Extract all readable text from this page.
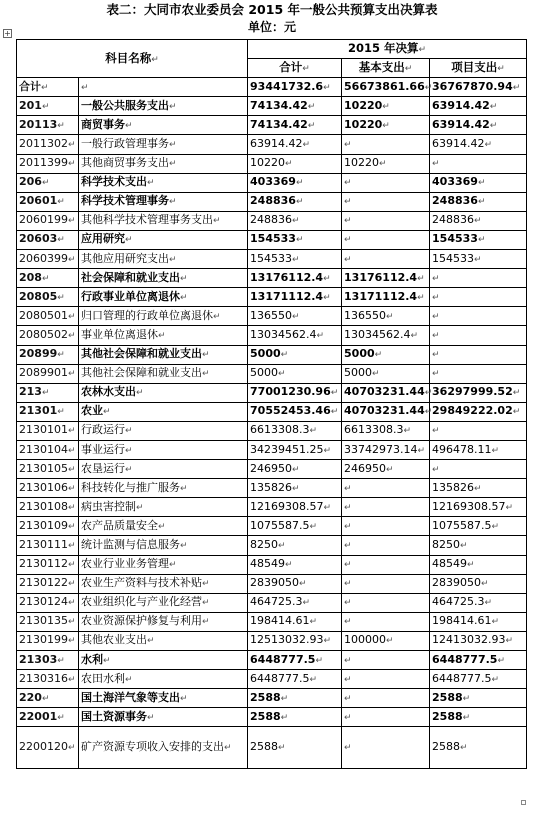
表二：大同市农业委员会 2015 年一般公共预算支出决算表
单位：元
+
科目名称↵		2015 年决算↵		
		合计↵	基本支出↵	项目支出↵
合计↵	↵	93441732.6↵	56673861.66↵	36767870.94↵
201↵	一般公共服务支出↵	74134.42↵	10220↵	63914.42↵
20113↵	商贸事务↵	74134.42↵	10220↵	63914.42↵
2011302↵	一般行政管理事务↵	63914.42↵	↵	63914.42↵
2011399↵	其他商贸事务支出↵	10220↵	10220↵	↵
206↵	科学技术支出↵	403369↵	↵	403369↵
20601↵	科学技术管理事务↵	248836↵	↵	248836↵
2060199↵	其他科学技术管理事务支出↵	248836↵	↵	248836↵
20603↵	应用研究↵	154533↵	↵	154533↵
2060399↵	其他应用研究支出↵	154533↵	↵	154533↵
208↵	社会保障和就业支出↵	13176112.4↵	13176112.4↵	↵
20805↵	行政事业单位离退休↵	13171112.4↵	13171112.4↵	↵
2080501↵	归口管理的行政单位离退休↵	136550↵	136550↵	↵
2080502↵	事业单位离退休↵	13034562.4↵	13034562.4↵	↵
20899↵	其他社会保障和就业支出↵	5000↵	5000↵	↵
2089901↵	其他社会保障和就业支出↵	5000↵	5000↵	↵
213↵	农林水支出↵	77001230.96↵	40703231.44↵	36297999.52↵
21301↵	农业↵	70552453.46↵	40703231.44↵	29849222.02↵
2130101↵	行政运行↵	6613308.3↵	6613308.3↵	↵
2130104↵	事业运行↵	34239451.25↵	33742973.14↵	496478.11↵
2130105↵	农垦运行↵	246950↵	246950↵	↵
2130106↵	科技转化与推广服务↵	135826↵	↵	135826↵
2130108↵	病虫害控制↵	12169308.57↵	↵	12169308.57↵
2130109↵	农产品质量安全↵	1075587.5↵	↵	1075587.5↵
2130111↵	统计监测与信息服务↵	8250↵	↵	8250↵
2130112↵	农业行业业务管理↵	48549↵	↵	48549↵
2130122↵	农业生产资料与技术补贴↵	2839050↵	↵	2839050↵
2130124↵	农业组织化与产业化经营↵	464725.3↵	↵	464725.3↵
2130135↵	农业资源保护修复与利用↵	198414.61↵	↵	198414.61↵
2130199↵	其他农业支出↵	12513032.93↵	100000↵	12413032.93↵
21303↵	水利↵	6448777.5↵	↵	6448777.5↵
2130316↵	农田水利↵	6448777.5↵	↵	6448777.5↵
220↵	国土海洋气象等支出↵	2588↵	↵	2588↵
22001↵	国土资源事务↵	2588↵	↵	2588↵
2200120↵	矿产资源专项收入安排的支出↵	2588↵	↵	2588↵
